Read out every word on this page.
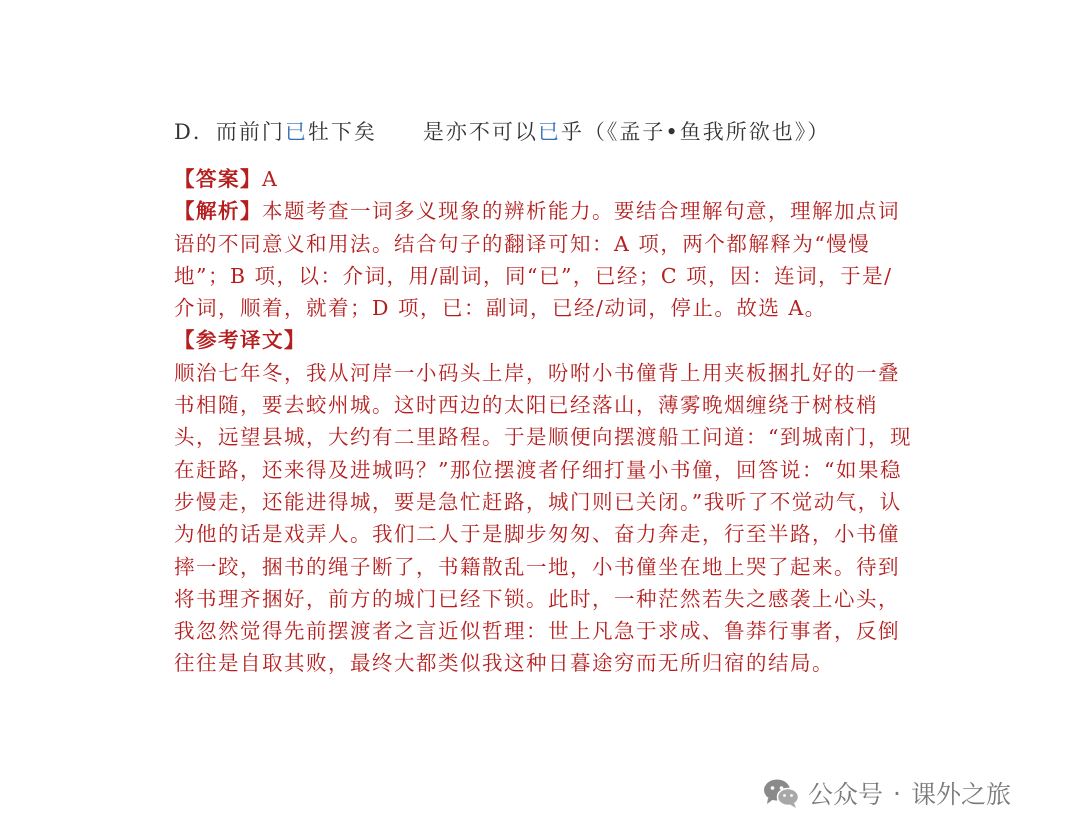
D．而前门已牡下矣 是亦不可以已乎（《孟子•鱼我所欲也》）

【答案】A

【解析】本题考查一词多义现象的辨析能力。要结合理解句意，理解加点词语的不同意义和用法。结合句子的翻译可知：A 项，两个都解释为“慢慢地”；B 项，以：介词，用/副词，同“已”，已经；C 项，因：连词，于是/介词，顺着，就着；D 项，已：副词，已经/动词，停止。故选 A。

【参考译文】

顺治七年冬，我从河岸一小码头上岸，吩咐小书僮背上用夹板捆扎好的一叠书相随，要去蛟州城。这时西边的太阳已经落山，薄雾晚烟缠绕于树枝梢头，远望县城，大约有二里路程。于是顺便向摆渡船工问道：“到城南门，现在赶路，还来得及进城吗？”那位摆渡者仔细打量小书僮，回答说：“如果稳步慢走，还能进得城，要是急忙赶路，城门则已关闭。”我听了不觉动气，认为他的话是戏弄人。我们二人于是脚步匆匆、奋力奔走，行至半路，小书僮摔一跤，捆书的绳子断了，书籍散乱一地，小书僮坐在地上哭了起来。待到将书理齐捆好，前方的城门已经下锁。此时，一种茫然若失之感袭上心头，我忽然觉得先前摆渡者之言近似哲理：世上凡急于求成、鲁莽行事者，反倒往往是自取其败，最终大都类似我这种日暮途穷而无所归宿的结局。

公众号 · 课外之旅
